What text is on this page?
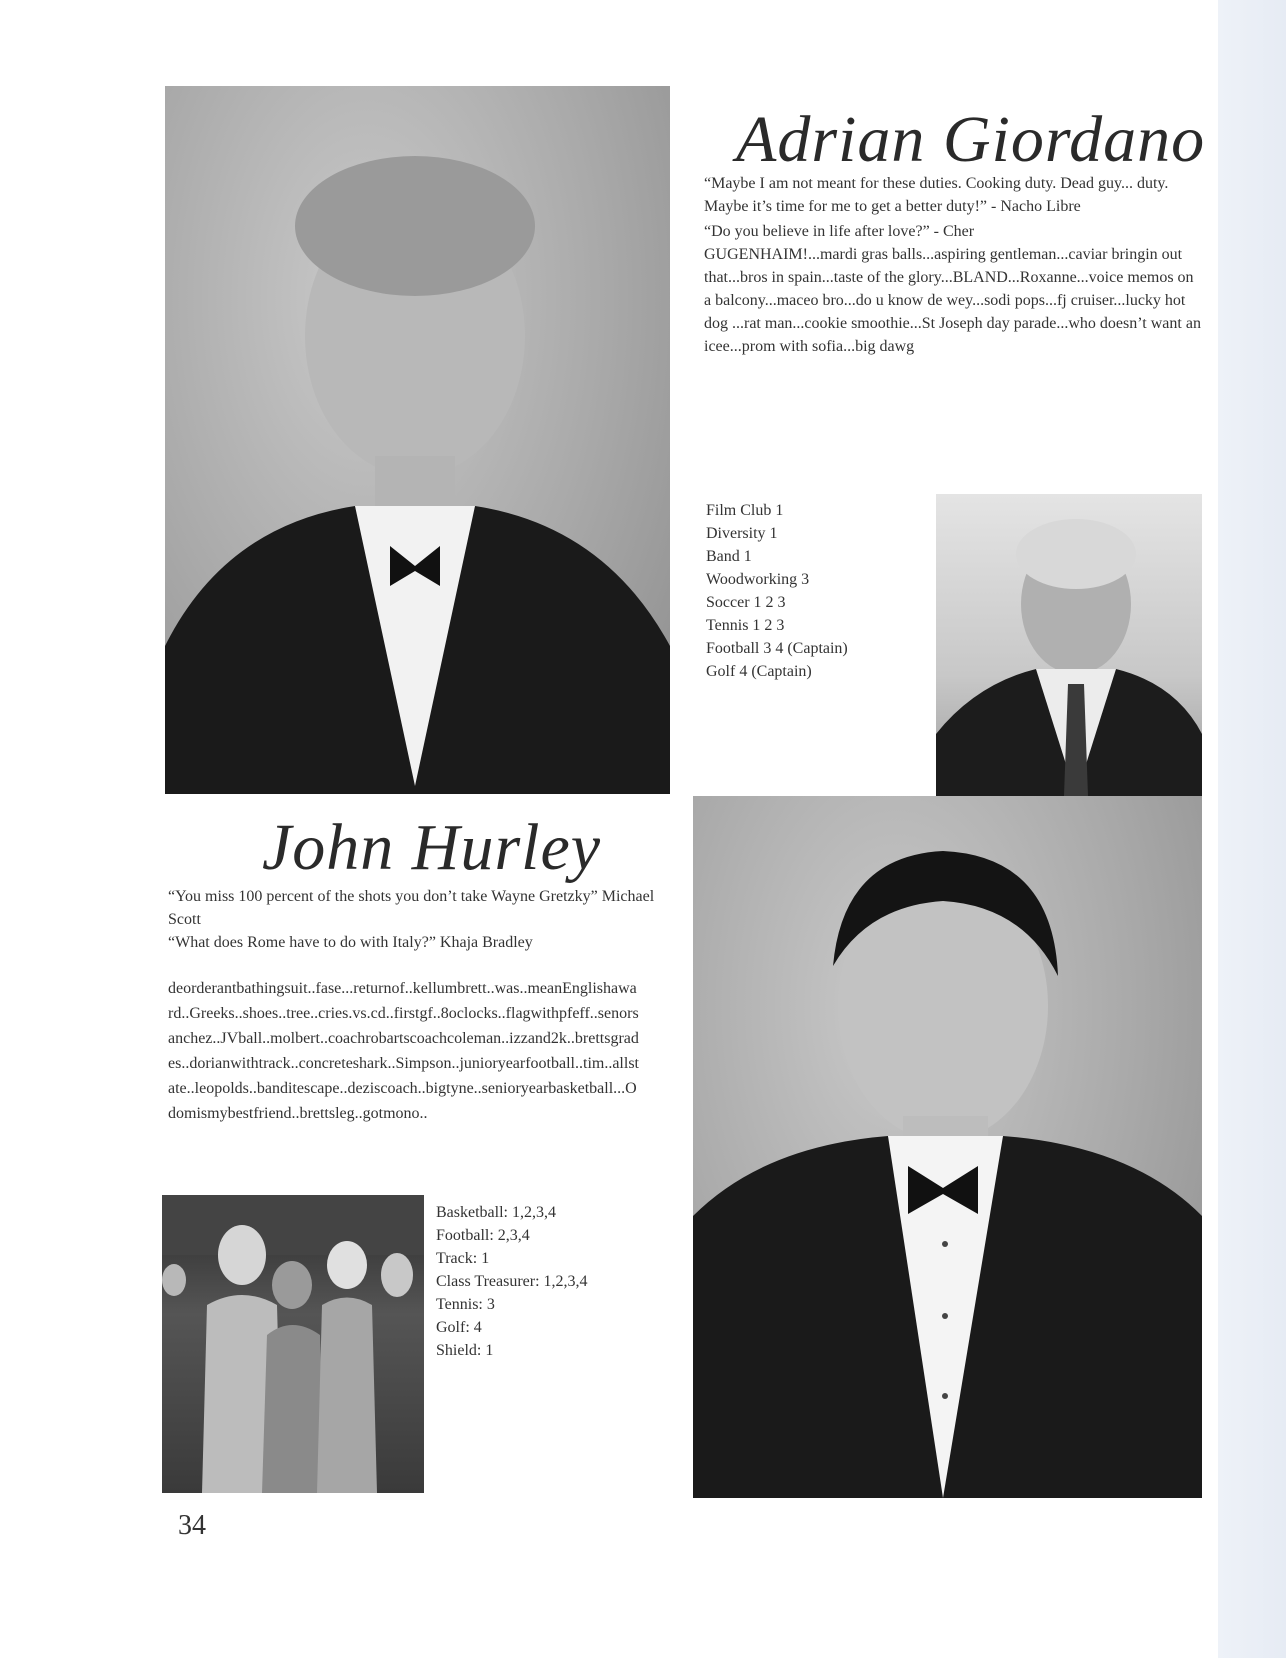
Adrian Giordano

“Maybe I am not meant for these duties. Cooking duty. Dead guy... duty. Maybe it’s time for me to get a better duty!” - Nacho Libre

“Do you believe in life after love?” - Cher

GUGENHAIM!...mardi gras balls...aspiring gentleman...caviar bringin out that...bros in spain...taste of the glory...BLAND...Roxanne...voice memos on a balcony...maceo bro...do u know de wey...sodi pops...fj cruiser...lucky hot dog ...rat man...cookie smoothie...St Joseph day parade...who doesn’t want an icee...prom with sofia...big dawg

Film Club 1
Diversity 1
Band 1
Woodworking 3
Soccer 1 2 3
Tennis 1 2 3
Football 3 4 (Captain)
Golf 4 (Captain)
John Hurley

“You miss 100 percent of the shots you don’t take Wayne Gretzky” Michael Scott

“What does Rome have to do with Italy?” Khaja Bradley

deorderantbathingsuit..fase...returnof..kellumbrett..was..meanEnglishawa rd..Greeks..shoes..tree..cries.vs.cd..firstgf..8oclocks..flagwithpfeff..senors anchez..JVball..molbert..coachrobartscoachcoleman..izzand2k..brettsgrad es..dorianwithtrack..concreteshark..Simpson..junioryearfootball..tim..allst ate..leopolds..banditescape..deziscoach..bigtyne..senioryearbasketball...O domismybestfriend..brettsleg..gotmono..

Basketball: 1,2,3,4
Football: 2,3,4
Track: 1
Class Treasurer: 1,2,3,4
Tennis: 3
Golf: 4
Shield: 1
34
